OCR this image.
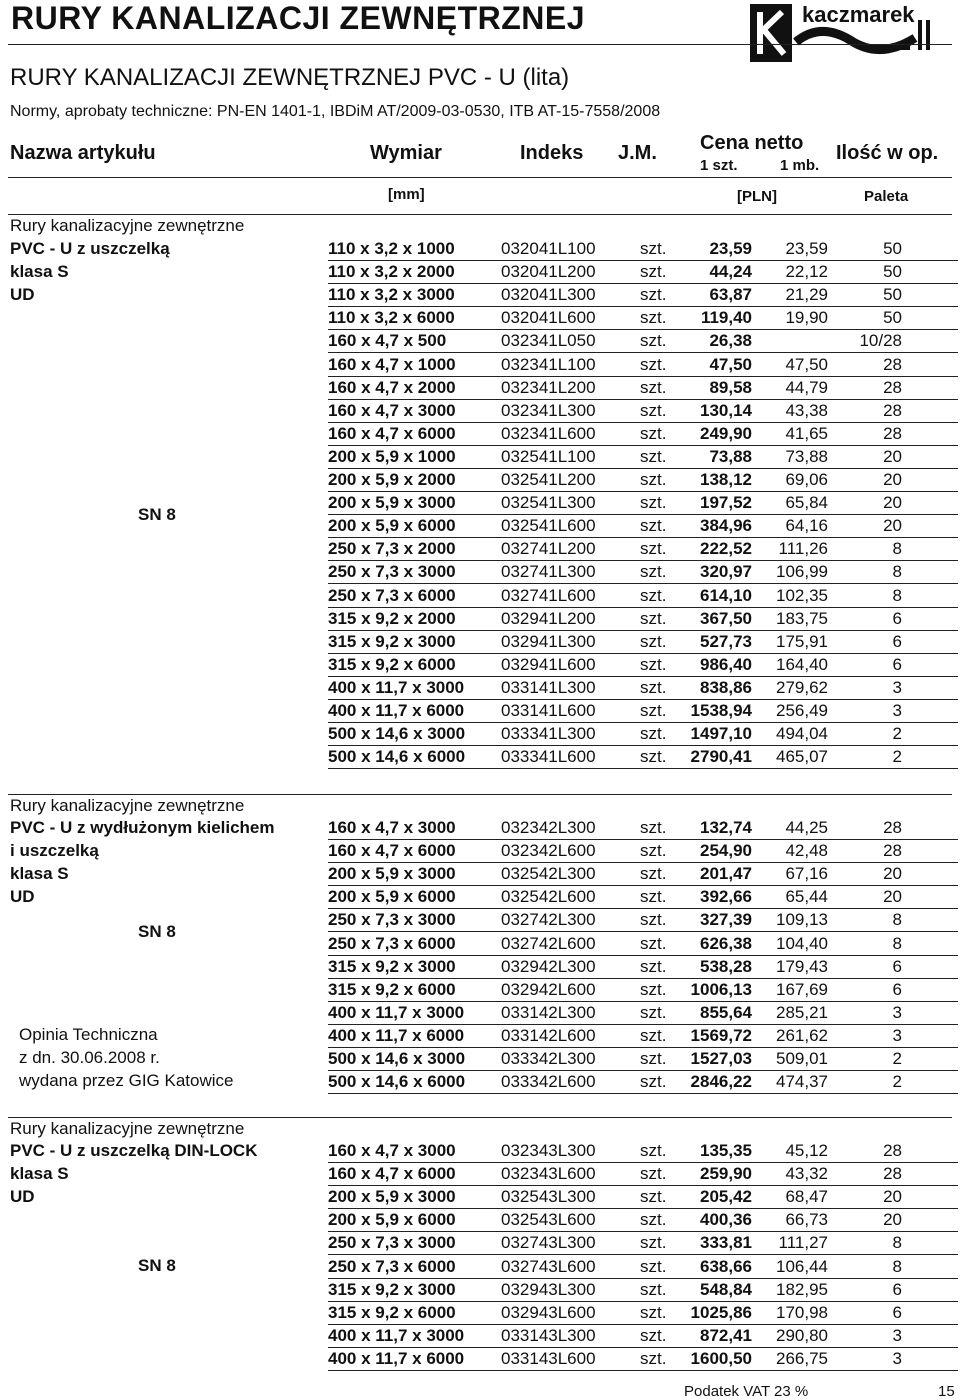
RURY KANALIZACJI ZEWNĘTRZNEJ	kaczmarek
RURY KANALIZACJI ZEWNĘTRZNEJ PVC - U (lita)
Normy, aprobaty techniczne: PN-EN 1401-1, IBDiM AT/2009-03-0530, ITB AT-15-7558/2008
Nazwa artykułu	Wymiar	Indeks J.M. Cena netto
1 szt.	1 mb.
Ilość w op.
[mm]	[PLN]	Paleta
Rury kanalizacyjne zewnętrzne
PVC - U z uszczelką
klasa S
UD
SN 8
110 x 3,2 x 1000	032041L100	szt.	23,59 23,59	50
110 x 3,2 x 2000	032041L200	szt.	44,24 22,12	50
110 x 3,2 x 3000	032041L300	szt.	63,87 21,29	50
110 x 3,2 x 6000	032041L600	szt. 119,40 19,90	50
160 x 4,7 x 500	032341L050	szt.	26,38	10/28
160 x 4,7 x 1000	032341L100	szt.	47,50 47,50	28
160 x 4,7 x 2000	032341L200	szt.	89,58 44,79	28
160 x 4,7 x 3000	032341L300	szt. 130,14 43,38	28
160 x 4,7 x 6000	032341L600	szt. 249,90 41,65	28
200 x 5,9 x 1000	032541L100	szt.	73,88 73,88	20
200 x 5,9 x 2000	032541L200	szt. 138,12 69,06	20
200 x 5,9 x 3000	032541L300	szt. 197,52 65,84	20
200 x 5,9 x 6000	032541L600	szt. 384,96 64,16	20
250 x 7,3 x 2000	032741L200	szt. 222,52 111,26	8
250 x 7,3 x 3000	032741L300	szt. 320,97 106,99	8
250 x 7,3 x 6000	032741L600	szt. 614,10 102,35	8
315 x 9,2 x 2000	032941L200	szt. 367,50 183,75	6
315 x 9,2 x 3000	032941L300	szt. 527,73 175,91	6
315 x 9,2 x 6000	032941L600	szt. 986,40 164,40	6
400 x 11,7 x 3000 033141L300	szt. 838,86 279,62	3
400 x 11,7 x 6000 033141L600	szt. 1538,94 256,49	3
500 x 14,6 x 3000 033341L300	szt. 1497,10 494,04	2
500 x 14,6 x 6000 033341L600	szt. 2790,41 465,07	2
Rury kanalizacyjne zewnętrzne
PVC - U z wydłużonym kielichem
i uszczelką
klasa S
UD
SN 8
Opinia Techniczna
z dn. 30.06.2008 r.
wydana przez GIG Katowice
160 x 4,7 x 3000	032342L300	szt. 132,74 44,25	28
160 x 4,7 x 6000	032342L600	szt. 254,90 42,48	28
200 x 5,9 x 3000	032542L300	szt. 201,47 67,16	20
200 x 5,9 x 6000	032542L600	szt. 392,66 65,44	20
250 x 7,3 x 3000	032742L300	szt. 327,39 109,13	8
250 x 7,3 x 6000	032742L600	szt. 626,38 104,40	8
315 x 9,2 x 3000	032942L300	szt. 538,28 179,43	6
315 x 9,2 x 6000	032942L600	szt. 1006,13 167,69	6
400 x 11,7 x 3000 033142L300	szt. 855,64 285,21	3
400 x 11,7 x 6000 033142L600	szt. 1569,72 261,62	3
500 x 14,6 x 3000 033342L300	szt. 1527,03 509,01	2
500 x 14,6 x 6000 033342L600	szt. 2846,22 474,37	2
Rury kanalizacyjne zewnętrzne
PVC - U z uszczelką DIN-LOCK
klasa S
UD
SN 8
160 x 4,7 x 3000	032343L300	szt. 135,35 45,12	28
160 x 4,7 x 6000	032343L600	szt. 259,90 43,32	28
200 x 5,9 x 3000	032543L300	szt. 205,42 68,47	20
200 x 5,9 x 6000	032543L600	szt. 400,36 66,73	20
250 x 7,3 x 3000	032743L300	szt. 333,81 111,27	8
250 x 7,3 x 6000	032743L600	szt. 638,66 106,44	8
315 x 9,2 x 3000	032943L300	szt. 548,84 182,95	6
315 x 9,2 x 6000	032943L600	szt. 1025,86 170,98	6
400 x 11,7 x 3000 033143L300	szt. 872,41 290,80	3
400 x 11,7 x 6000 033143L600	szt. 1600,50 266,75	3
Podatek VAT 23 %	15
